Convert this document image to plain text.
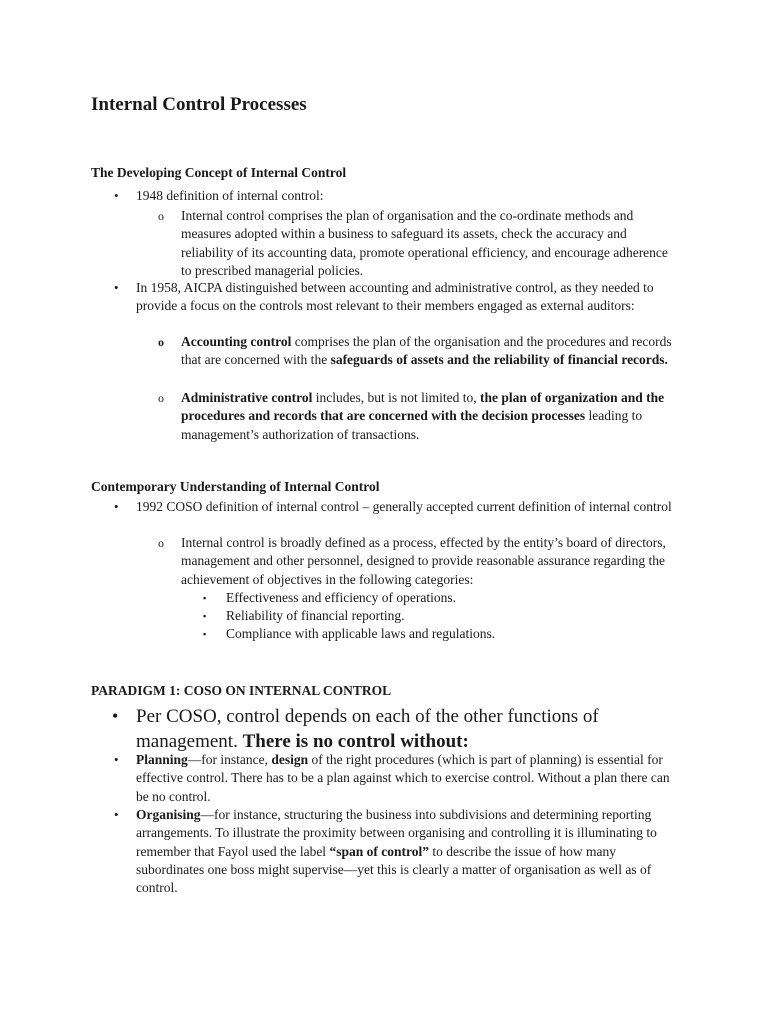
Internal Control Processes
The Developing Concept of Internal Control
• 1948 definition of internal control:
o Internal control comprises the plan of organisation and the co-ordinate methods and measures adopted within a business to safeguard its assets, check the accuracy and reliability of its accounting data, promote operational efficiency, and encourage adherence to prescribed managerial policies.
• In 1958, AICPA distinguished between accounting and administrative control, as they needed to provide a focus on the controls most relevant to their members engaged as external auditors:
o Accounting control comprises the plan of the organisation and the procedures and records that are concerned with the safeguards of assets and the reliability of financial records.
o Administrative control includes, but is not limited to, the plan of organization and the procedures and records that are concerned with the decision processes leading to management’s authorization of transactions.
Contemporary Understanding of Internal Control
• 1992 COSO definition of internal control – generally accepted current definition of internal control
o Internal control is broadly defined as a process, effected by the entity’s board of directors, management and other personnel, designed to provide reasonable assurance regarding the achievement of objectives in the following categories:
▪ Effectiveness and efficiency of operations.
▪ Reliability of financial reporting.
▪ Compliance with applicable laws and regulations.
PARADIGM 1: COSO ON INTERNAL CONTROL
• Per COSO, control depends on each of the other functions of management. There is no control without:
• Planning—for instance, design of the right procedures (which is part of planning) is essential for effective control. There has to be a plan against which to exercise control. Without a plan there can be no control.
• Organising—for instance, structuring the business into subdivisions and determining reporting arrangements. To illustrate the proximity between organising and controlling it is illuminating to remember that Fayol used the label “span of control” to describe the issue of how many subordinates one boss might supervise—yet this is clearly a matter of organisation as well as of control.
